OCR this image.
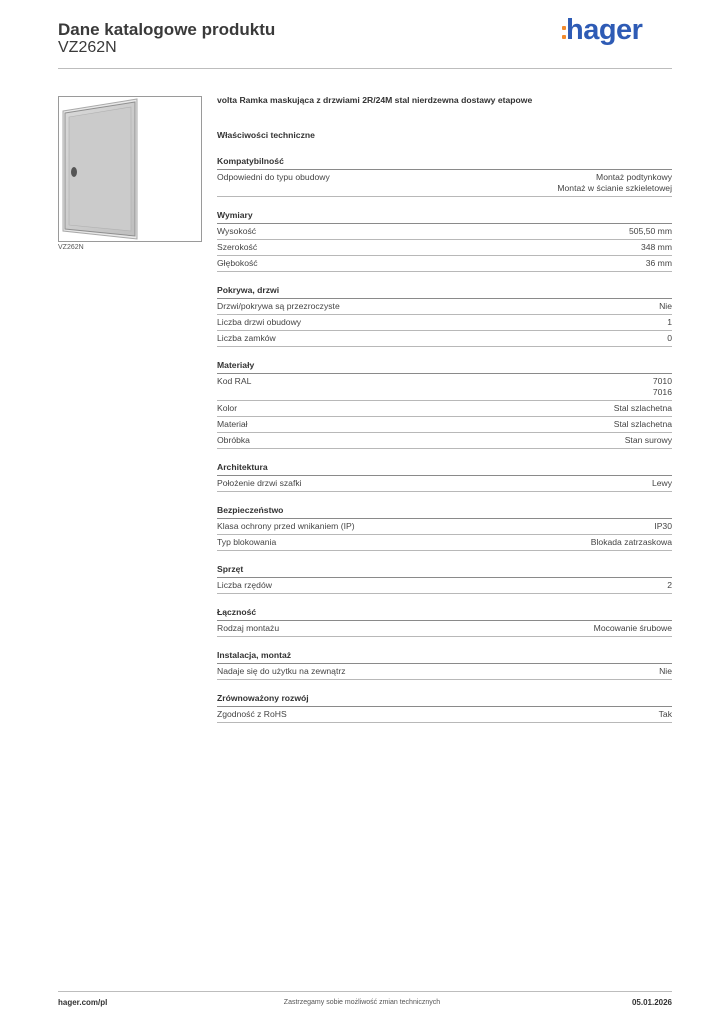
Dane katalogowe produktu
VZ262N
hager
VZ262N
volta Ramka maskująca z drzwiami 2R/24M stal nierdzewna dostawy etapowe
Właściwości techniczne
Kompatybilność
Odpowiedni do typu obudowy	Montaż podtynkowy
Montaż w ścianie szkieletowej
Wymiary
Wysokość	505,50 mm
Szerokość	348 mm
Głębokość	36 mm
Pokrywa, drzwi
Drzwi/pokrywa są przezroczyste	Nie
Liczba drzwi obudowy	1
Liczba zamków	0
Materiały
Kod RAL	7010
7016
Kolor	Stal szlachetna
Materiał	Stal szlachetna
Obróbka	Stan surowy
Architektura
Położenie drzwi szafki	Lewy
Bezpieczeństwo
Klasa ochrony przed wnikaniem (IP)	IP30
Typ blokowania	Blokada zatrzaskowa
Sprzęt
Liczba rzędów	2
Łączność
Rodzaj montażu	Mocowanie śrubowe
Instalacja, montaż
Nadaje się do użytku na zewnątrz	Nie
Zrównoważony rozwój
Zgodność z RoHS	Tak
hager.com/pl	Zastrzegamy sobie możliwość zmian technicznych	05.01.2026
